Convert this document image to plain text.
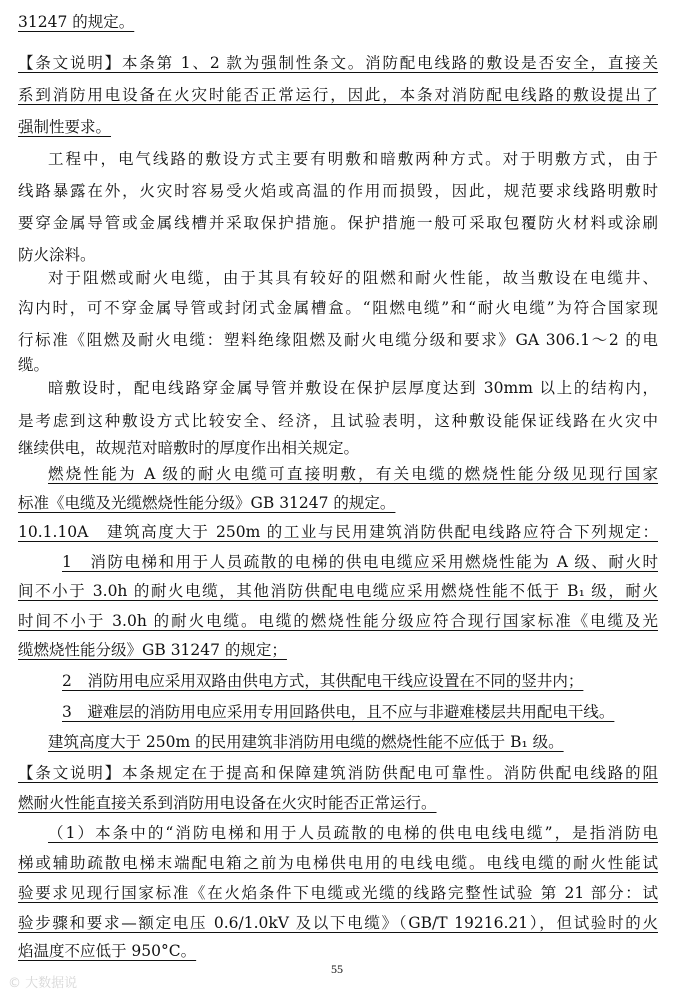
31247 的规定。
【条文说明】本条第 1、2 款为强制性条文。消防配电线路的敷设是否安全，直接关
系到消防用电设备在火灾时能否正常运行，因此，本条对消防配电线路的敷设提出了
强制性要求。
工程中，电气线路的敷设方式主要有明敷和暗敷两种方式。对于明敷方式，由于
线路暴露在外，火灾时容易受火焰或高温的作用而损毁，因此，规范要求线路明敷时
要穿金属导管或金属线槽并采取保护措施。保护措施一般可采取包覆防火材料或涂刷
防火涂料。
对于阻燃或耐火电缆，由于其具有较好的阻燃和耐火性能，故当敷设在电缆井、
沟内时，可不穿金属导管或封闭式金属槽盒。“阻燃电缆”和“耐火电缆”为符合国家现
行标准《阻燃及耐火电缆：塑料绝缘阻燃及耐火电缆分级和要求》GA 306.1～2 的电
缆。
暗敷设时，配电线路穿金属导管并敷设在保护层厚度达到 30mm 以上的结构内，
是考虑到这种敷设方式比较安全、经济，且试验表明，这种敷设能保证线路在火灾中
继续供电，故规范对暗敷时的厚度作出相关规定。
燃烧性能为 A 级的耐火电缆可直接明敷，有关电缆的燃烧性能分级见现行国家
标准《电缆及光缆燃烧性能分级》GB 31247 的规定。
10.1.10A　建筑高度大于 250m 的工业与民用建筑消防供配电线路应符合下列规定：
1　消防电梯和用于人员疏散的电梯的供电电缆应采用燃烧性能为 A 级、耐火时
间不小于 3.0h 的耐火电缆，其他消防供配电电缆应采用燃烧性能不低于 B₁ 级，耐火
时间不小于 3.0h 的耐火电缆。电缆的燃烧性能分级应符合现行国家标准《电缆及光
缆燃烧性能分级》GB 31247 的规定；
2　消防用电应采用双路由供电方式，其供配电干线应设置在不同的竖井内；
3　避难层的消防用电应采用专用回路供电，且不应与非避难楼层共用配电干线。
建筑高度大于 250m 的民用建筑非消防用电缆的燃烧性能不应低于 B₁ 级。
【条文说明】本条规定在于提高和保障建筑消防供配电可靠性。消防供配电线路的阻
燃耐火性能直接关系到消防用电设备在火灾时能否正常运行。
（1）本条中的“消防电梯和用于人员疏散的电梯的供电电线电缆”，是指消防电
梯或辅助疏散电梯末端配电箱之前为电梯供电用的电线电缆。电线电缆的耐火性能试
验要求见现行国家标准《在火焰条件下电缆或光缆的线路完整性试验 第 21 部分：试
验步骤和要求—额定电压 0.6/1.0kV 及以下电缆》（GB/T 19216.21），但试验时的火
焰温度不应低于 950°C。
55
© 大数据说
